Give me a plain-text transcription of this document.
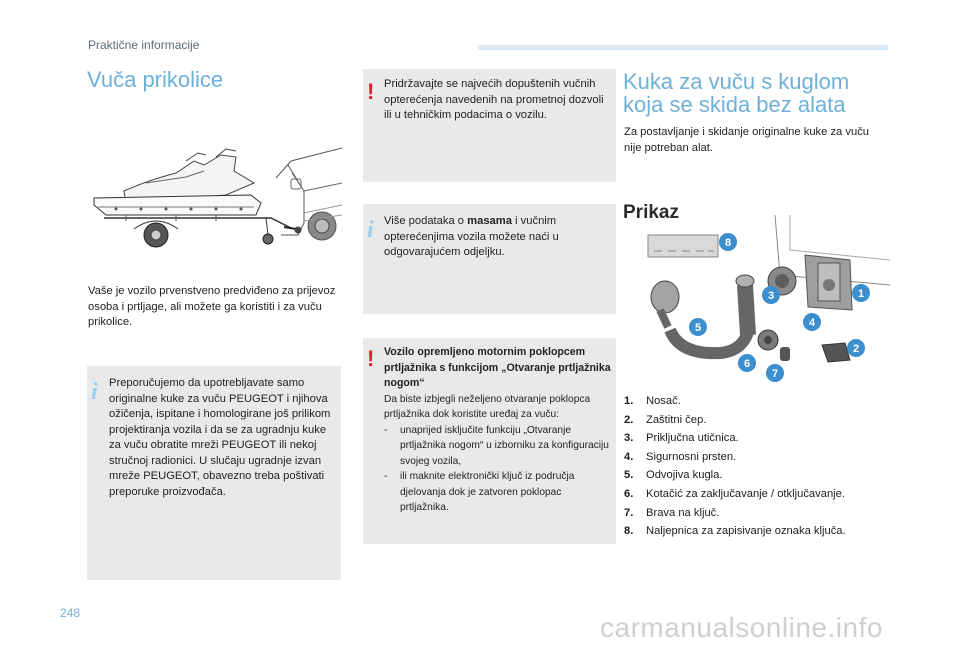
Praktične informacije
Vuča prikolice
Vaše je vozilo prvenstveno predviđeno za prijevoz osoba i prtljage, ali možete ga koristiti i za vuču prikolice.
i Preporučujemo da upotrebljavate samo originalne kuke za vuču PEUGEOT i njihova ožičenja, ispitane i homologirane još prilikom projektiranja vozila i da se za ugradnju kuke za vuču obratite mreži PEUGEOT ili nekoj stručnoj radionici. U slučaju ugradnje izvan mreže PEUGEOT, obavezno treba poštivati preporuke proizvođača.
! Pridržavajte se najvećih dopuštenih vučnih opterećenja navedenih na prometnoj dozvoli ili u tehničkim podacima o vozilu.
i Više podataka o masama i vučnim opterećenjima vozila možete naći u odgovarajućem odjeljku.
! Vozilo opremljeno motornim poklopcem prtljažnika s funkcijom „Otvaranje prtljažnika nogom“
Da biste izbjegli neželjeno otvaranje poklopca prtljažnika dok koristite uređaj za vuču:
- unaprijed isključite funkciju „Otvaranje prtljažnika nogom“ u izborniku za konfiguraciju svojeg vozila,
- ili maknite elektronički ključ iz područja djelovanja dok je zatvoren poklopac prtljažnika.
Kuka za vuču s kuglom
koja se skida bez alata
Za postavljanje i skidanje originalne kuke za vuču nije potreban alat.
Prikaz
8
3	1
4
5
2
6
7
1. Nosač.
2. Zaštitni čep.
3. Priključna utičnica.
4. Sigurnosni prsten.
5. Odvojiva kugla.
6. Kotačić za zaključavanje / otključavanje.
7. Brava na ključ.
8. Naljepnica za zapisivanje oznaka ključa.
248	carmanualsonline.info
